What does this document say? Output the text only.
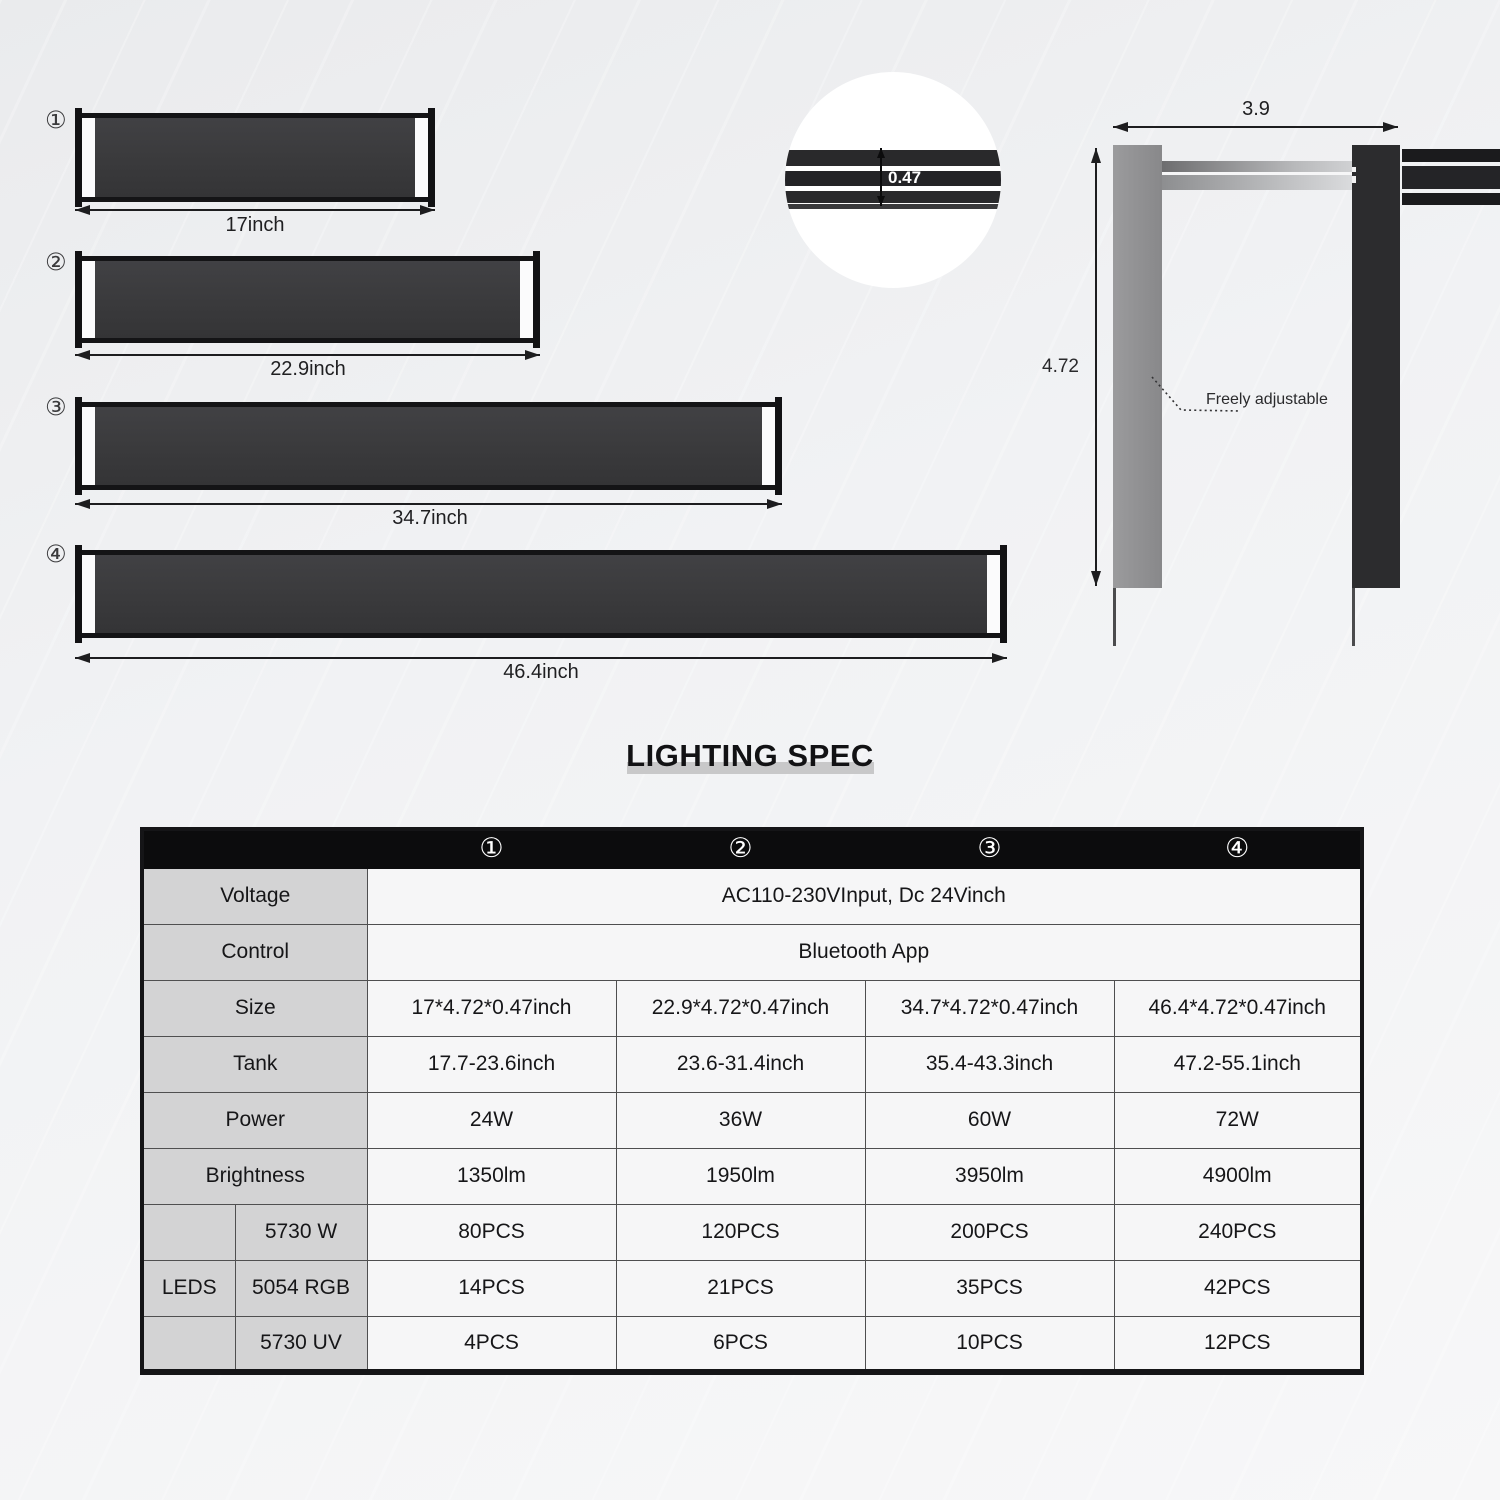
①
17inch
②
22.9inch
③
34.7inch
④
46.4inch
0.47
3.9
4.72
Freely adjustable
LIGHTING SPEC
		①	②	③	④
Voltage		AC110-230VInput, Dc 24Vinch			
Control		Bluetooth App			
Size		17*4.72*0.47inch	22.9*4.72*0.47inch	34.7*4.72*0.47inch	46.4*4.72*0.47inch
Tank		17.7-23.6inch	23.6-31.4inch	35.4-43.3inch	47.2-55.1inch
Power		24W	36W	60W	72W
Brightness		1350lm	1950lm	3950lm	4900lm
	5730 W	80PCS	120PCS	200PCS	240PCS
LEDS	5054 RGB	14PCS	21PCS	35PCS	42PCS
	5730 UV	4PCS	6PCS	10PCS	12PCS
